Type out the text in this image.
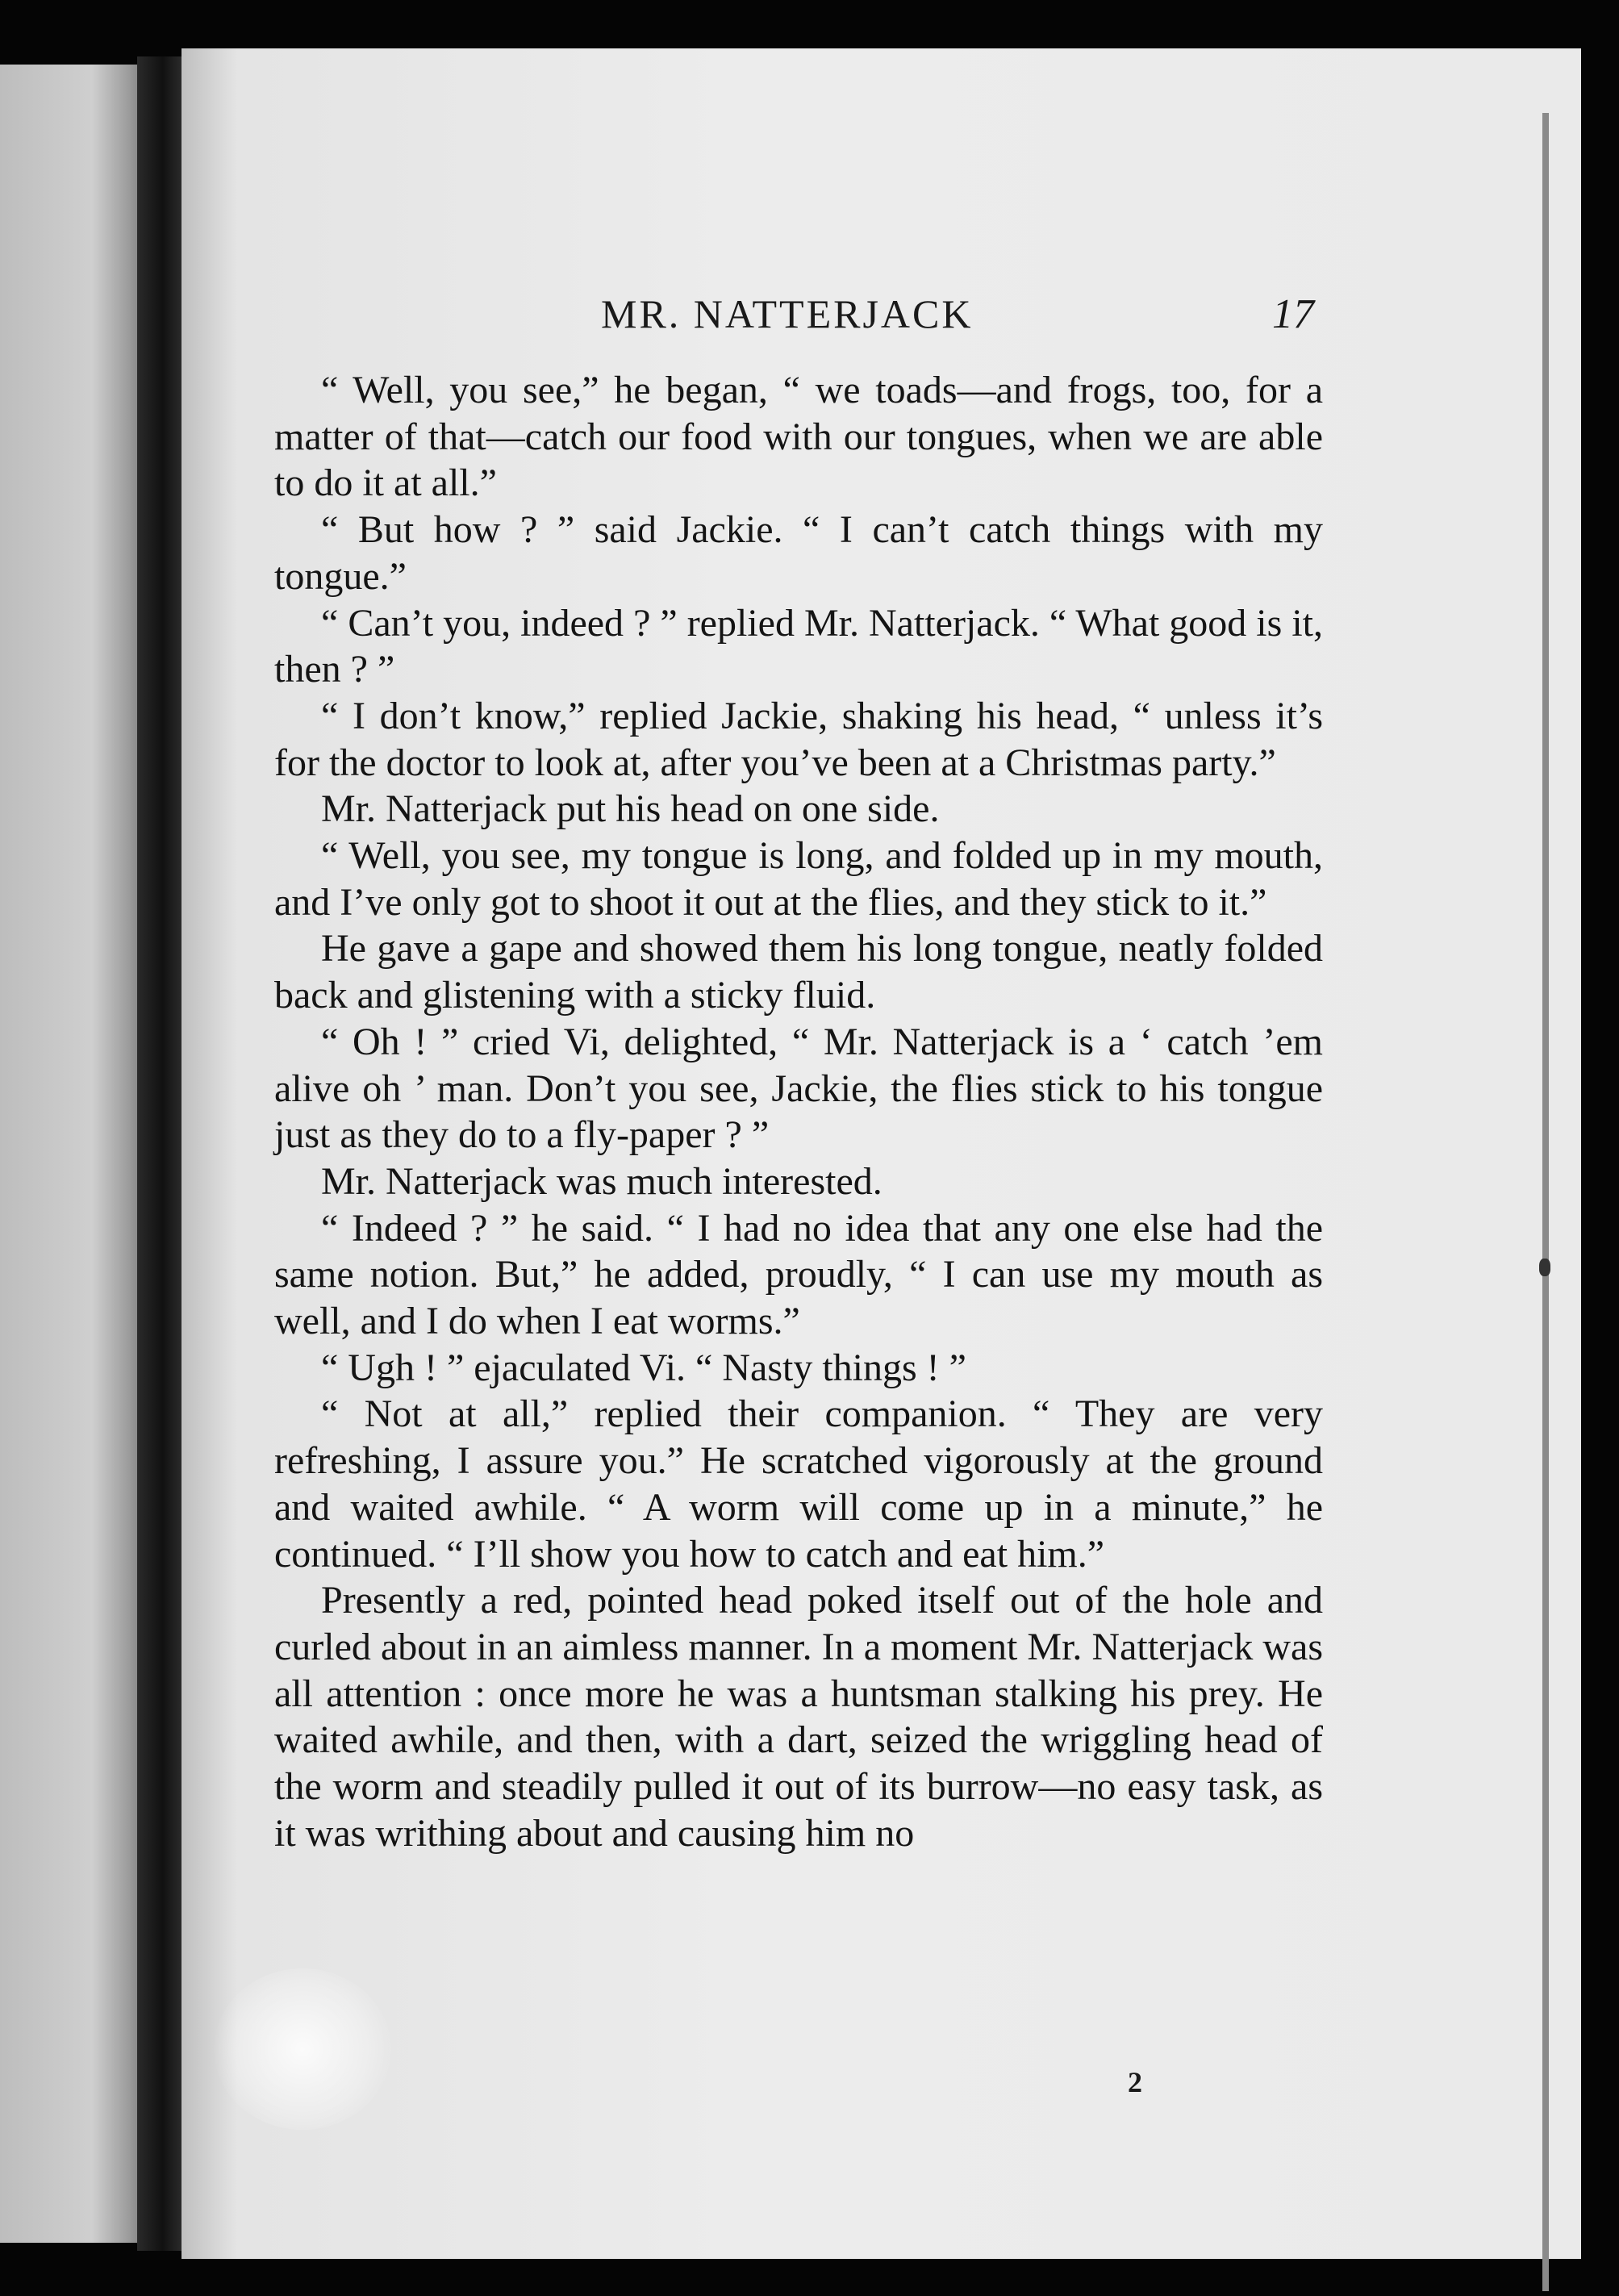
MR. NATTERJACK	17

“ Well, you see,” he began, “ we toads—and frogs, too, for a matter of that—catch our food with our tongues, when we are able to do it at all.”

“ But how ? ” said Jackie. “ I can’t catch things with my tongue.”

“ Can’t you, indeed ? ” replied Mr. Natterjack. “ What good is it, then ? ”

“ I don’t know,” replied Jackie, shaking his head, “ unless it’s for the doctor to look at, after you’ve been at a Christmas party.”

Mr. Natterjack put his head on one side.

“ Well, you see, my tongue is long, and folded up in my mouth, and I’ve only got to shoot it out at the flies, and they stick to it.”

He gave a gape and showed them his long tongue, neatly folded back and glistening with a sticky fluid.

“ Oh ! ” cried Vi, delighted, “ Mr. Natterjack is a ‘ catch ’em alive oh ’ man. Don’t you see, Jackie, the flies stick to his tongue just as they do to a fly-paper ? ”

Mr. Natterjack was much interested.

“ Indeed ? ” he said. “ I had no idea that any one else had the same notion. But,” he added, proudly, “ I can use my mouth as well, and I do when I eat worms.”

“ Ugh ! ” ejaculated Vi. “ Nasty things ! ”

“ Not at all,” replied their companion. “ They are very refreshing, I assure you.” He scratched vigorously at the ground and waited awhile. “ A worm will come up in a minute,” he continued. “ I’ll show you how to catch and eat him.”

Presently a red, pointed head poked itself out of the hole and curled about in an aimless manner. In a moment Mr. Natterjack was all attention : once more he was a huntsman stalking his prey. He waited awhile, and then, with a dart, seized the wriggling head of the worm and steadily pulled it out of its burrow—no easy task, as it was writhing about and causing him no

2
